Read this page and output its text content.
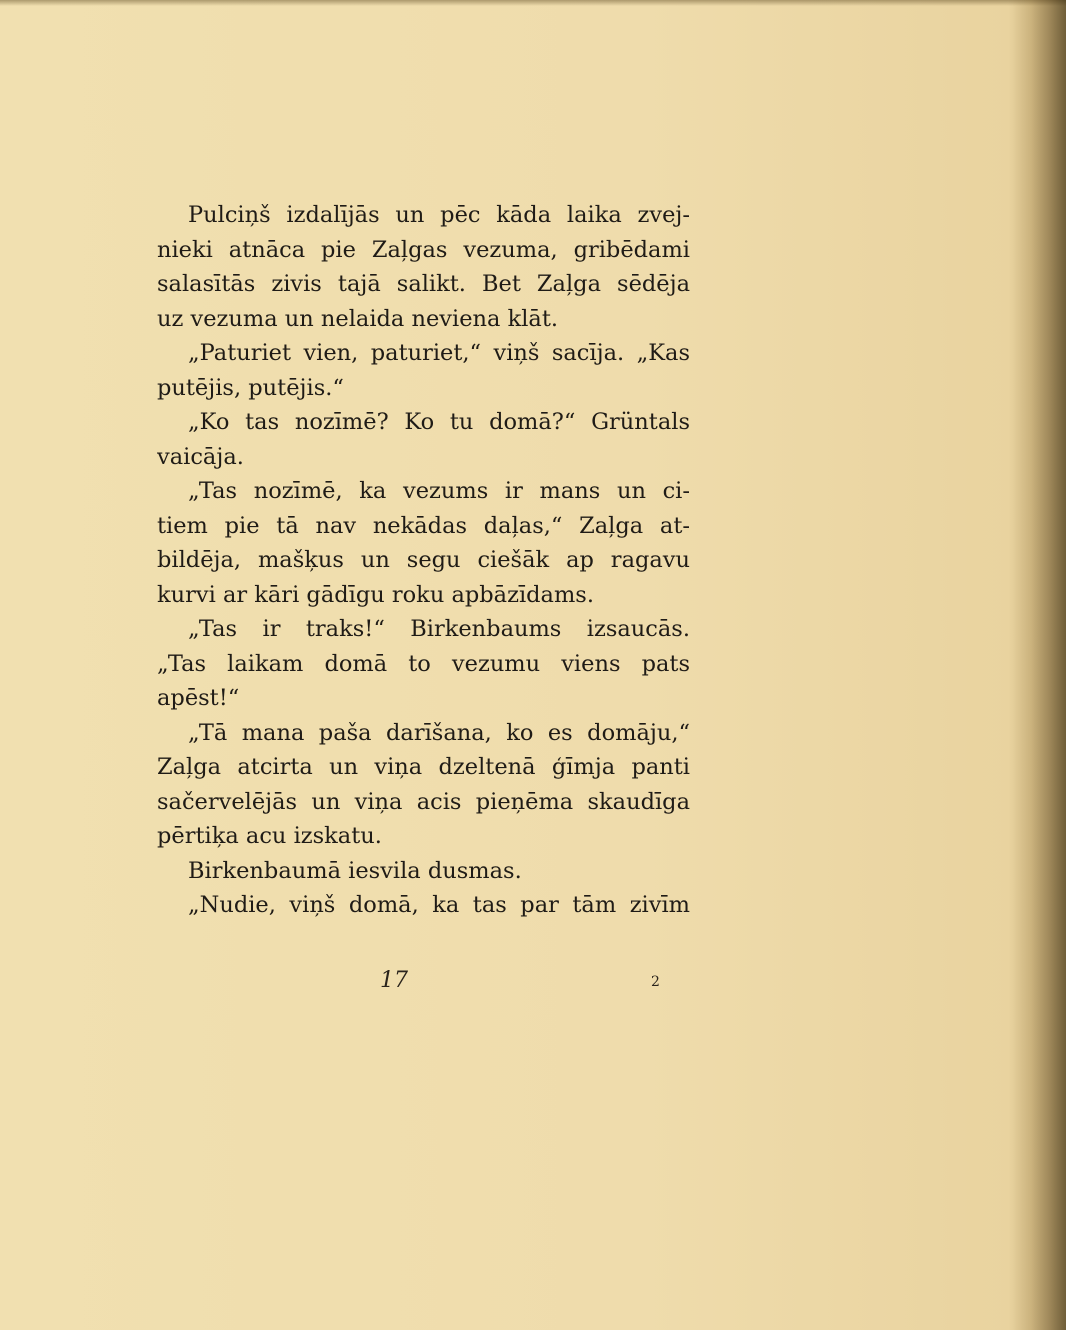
Pulciņš izdalījās un pēc kāda laika zvej-
nieki atnāca pie Zaļgas vezuma, gribēdami
salasītās zivis tajā salikt. Bet Zaļga sēdēja
uz vezuma un nelaida neviena klāt.
„Paturiet vien, paturiet,“ viņš sacīja. „Kas
putējis, putējis.“
„Ko tas nozīmē? Ko tu domā?“ Grüntals
vaicāja.
„Tas nozīmē, ka vezums ir mans un ci-
tiem pie tā nav nekādas daļas,“ Zaļga at-
bildēja, mašķus un segu ciešāk ap ragavu
kurvi ar kāri gādīgu roku apbāzīdams.
„Tas ir traks!“ Birkenbaums izsaucās.
„Tas laikam domā to vezumu viens pats
apēst!“
„Tā mana paša darīšana, ko es domāju,“
Zaļga atcirta un viņa dzeltenā ģīmja panti
sačervelējās un viņa acis pieņēma skaudīga
pērtiķa acu izskatu.
Birkenbaumā iesvila dusmas.
„Nudie, viņš domā, ka tas par tām zivīm
17	2
